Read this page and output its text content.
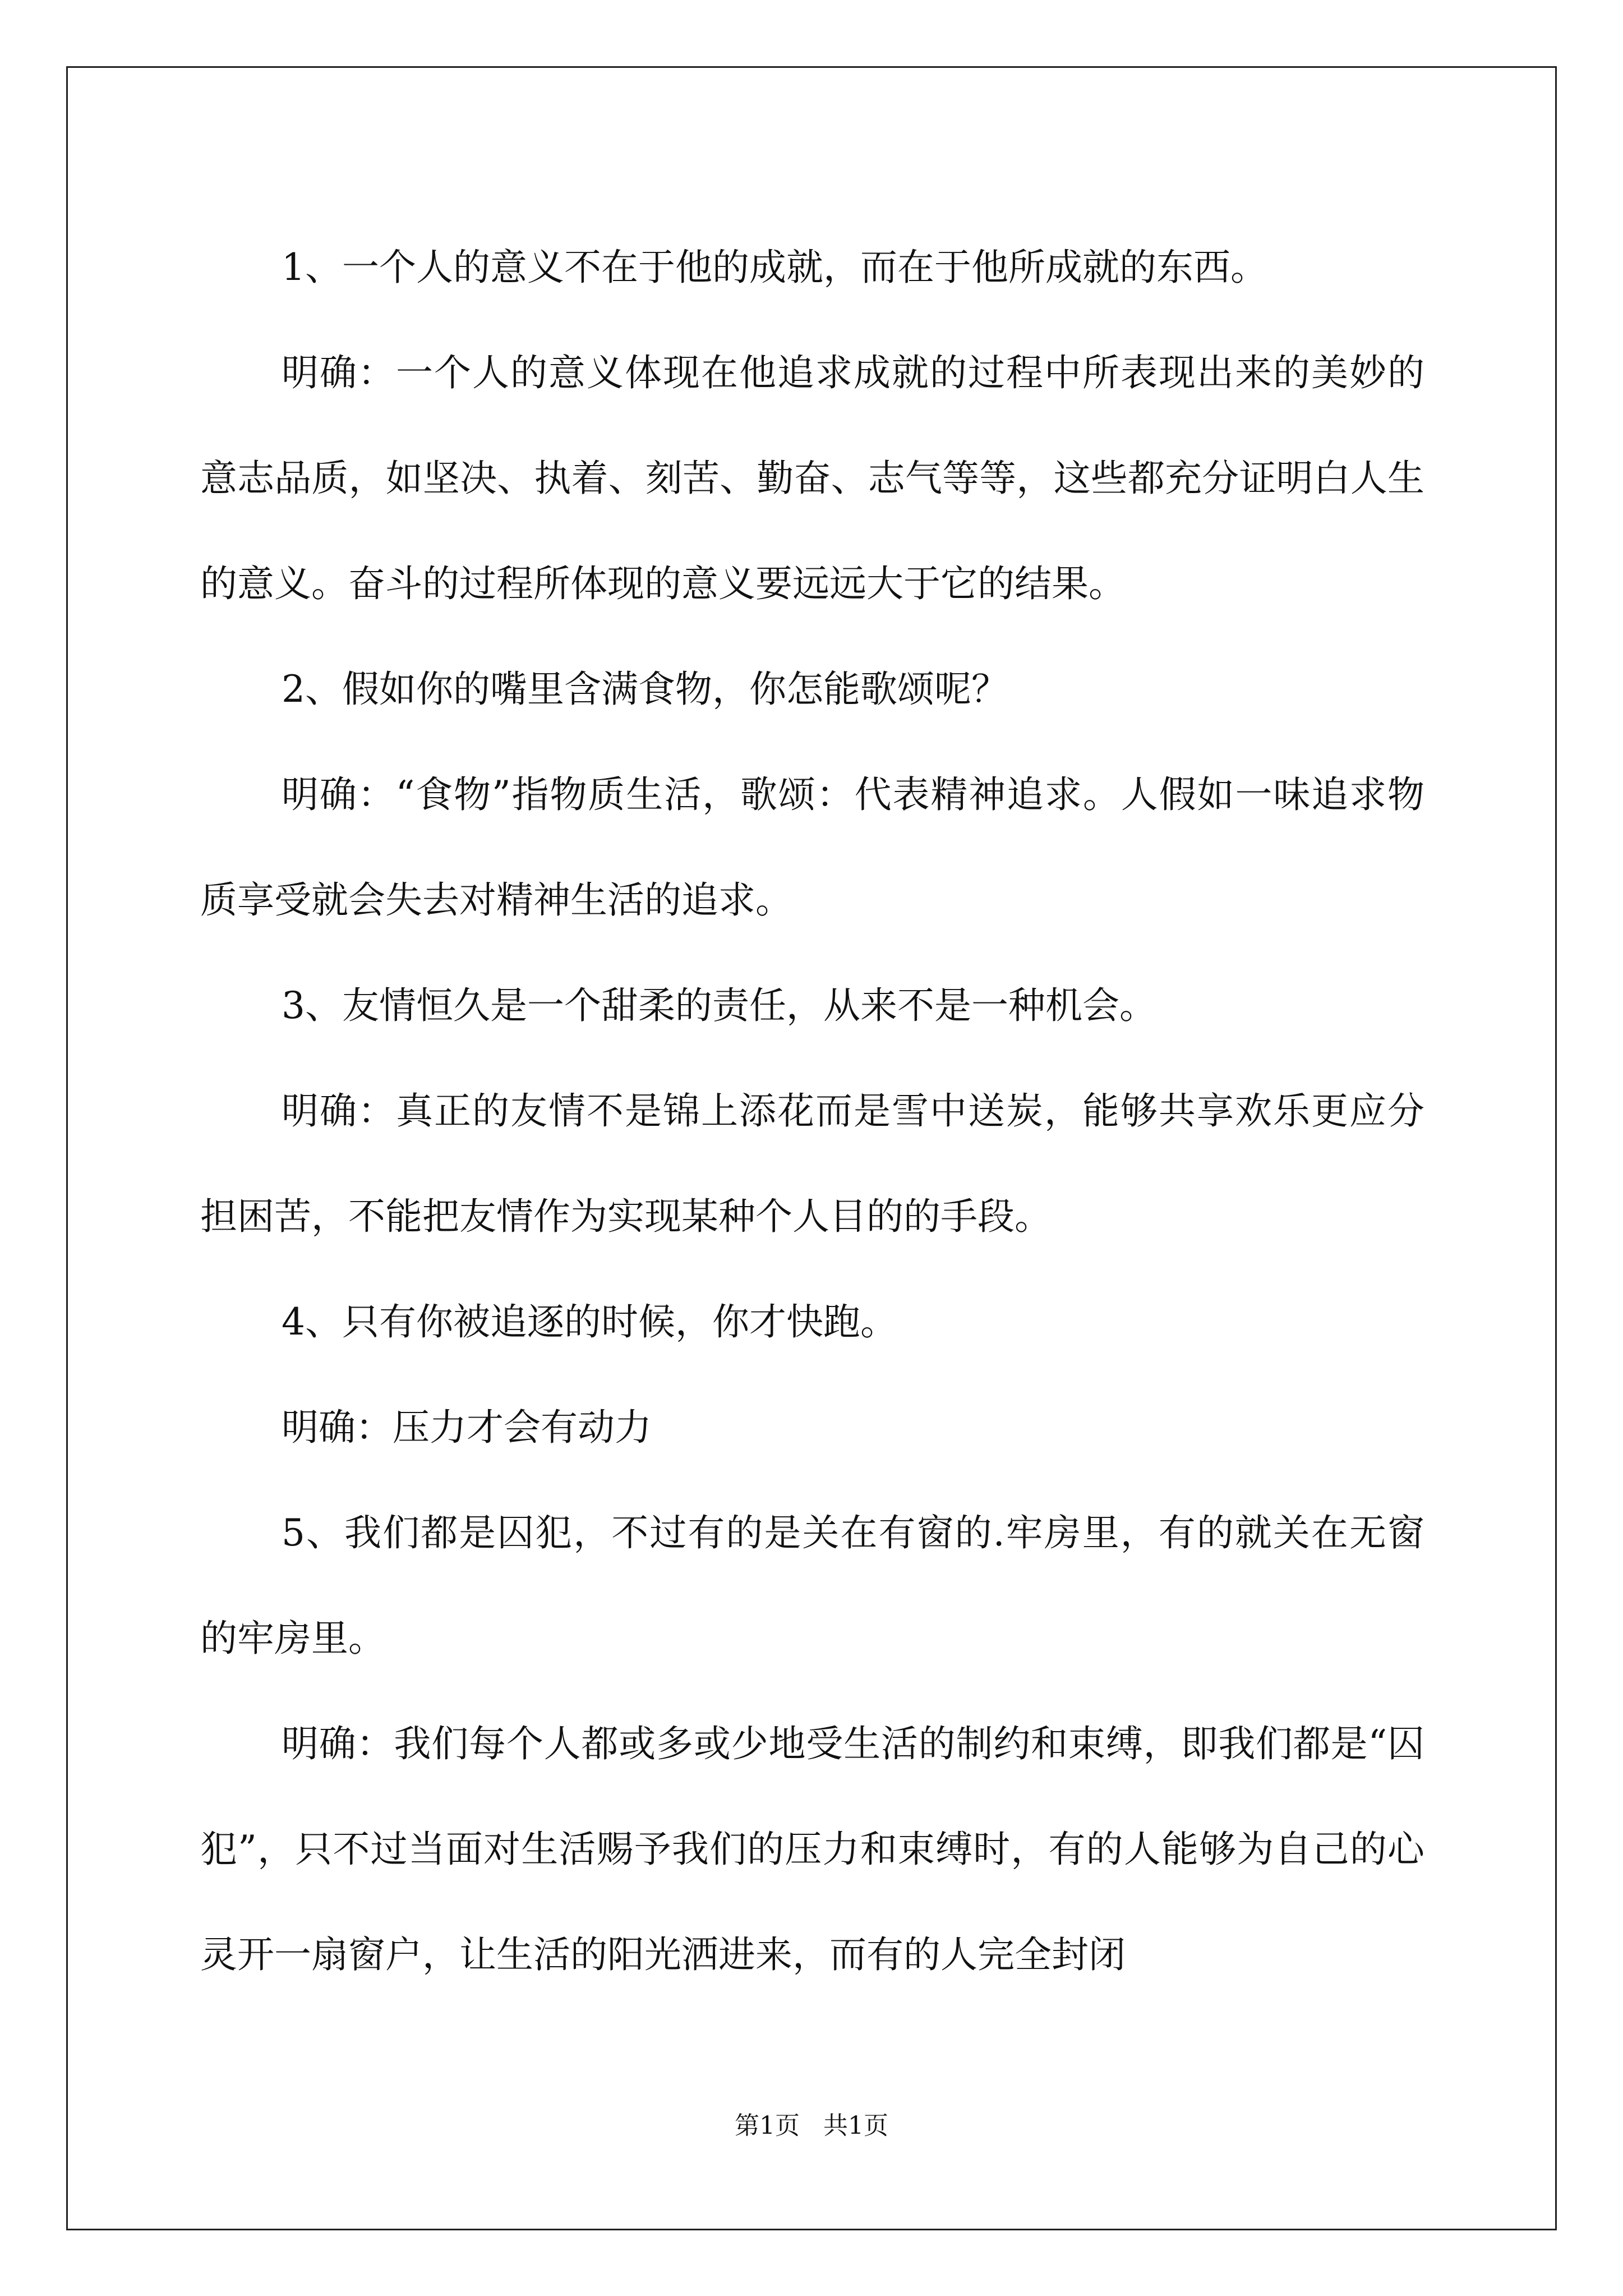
1、一个人的意义不在于他的成就，而在于他所成就的东西。

明确：一个人的意义体现在他追求成就的过程中所表现出来的美妙的意志品质，如坚决、执着、刻苦、勤奋、志气等等，这些都充分证明白人生的意义。奋斗的过程所体现的意义要远远大于它的结果。

2、假如你的嘴里含满食物，你怎能歌颂呢？

明确：“食物”指物质生活，歌颂：代表精神追求。人假如一味追求物质享受就会失去对精神生活的追求。

3、友情恒久是一个甜柔的责任，从来不是一种机会。

明确：真正的友情不是锦上添花而是雪中送炭，能够共享欢乐更应分担困苦，不能把友情作为实现某种个人目的的手段。

4、只有你被追逐的时候，你才快跑。

明确：压力才会有动力

5、我们都是囚犯，不过有的是关在有窗的.牢房里，有的就关在无窗的牢房里。

明确：我们每个人都或多或少地受生活的制约和束缚，即我们都是“囚犯”，只不过当面对生活赐予我们的压力和束缚时，有的人能够为自己的心灵开一扇窗户，让生活的阳光洒进来，而有的人完全封闭

第1页 共1页
